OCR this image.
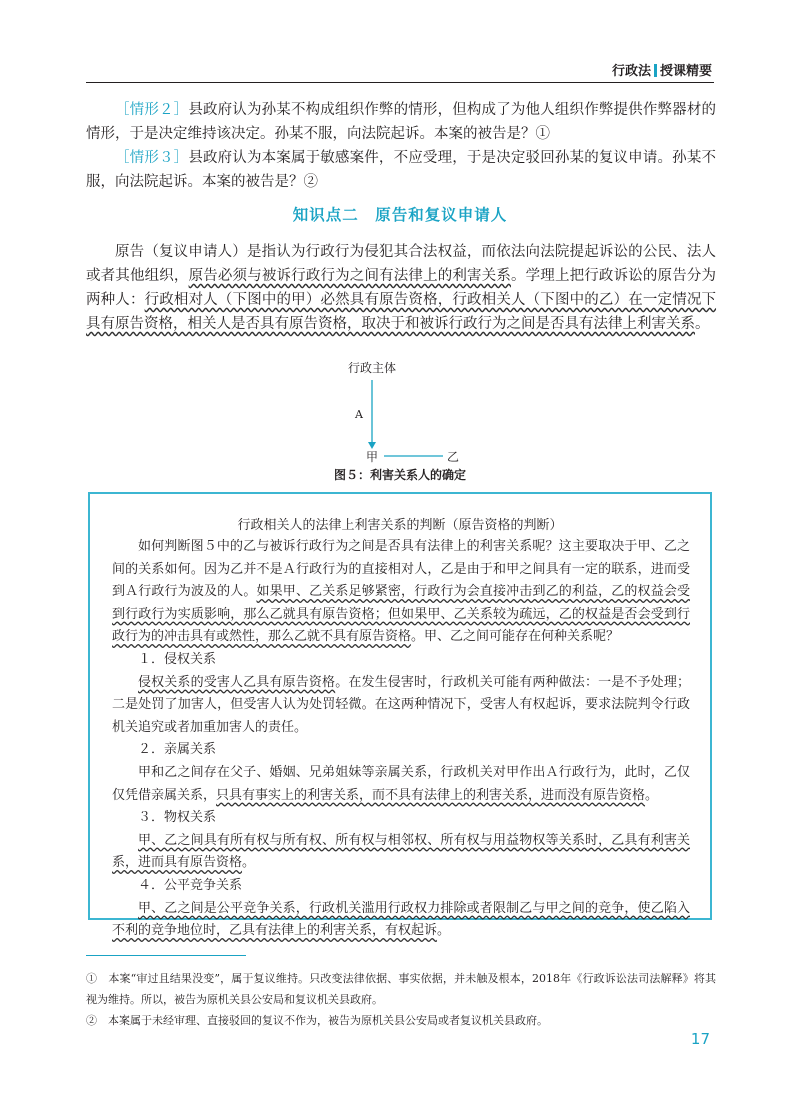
行政法 授课精要

［情形２］县政府认为孙某不构成组织作弊的情形，但构成了为他人组织作弊提供作弊器材的情形，于是决定维持该决定。孙某不服，向法院起诉。本案的被告是？①

［情形３］县政府认为本案属于敏感案件，不应受理，于是决定驳回孙某的复议申请。孙某不服，向法院起诉。本案的被告是？②

知识点二　原告和复议申请人

原告（复议申请人）是指认为行政行为侵犯其合法权益，而依法向法院提起诉讼的公民、法人或者其他组织，原告必须与被诉行政行为之间有法律上的利害关系。学理上把行政诉讼的原告分为两种人：行政相对人（下图中的甲）必然具有原告资格，行政相关人（下图中的乙）在一定情况下具有原告资格，相关人是否具有原告资格，取决于和被诉行政行为之间是否具有法律上利害关系。

行政主体
A
甲	乙
图５：利害关系人的确定
行政相关人的法律上利害关系的判断（原告资格的判断）

如何判断图５中的乙与被诉行政行为之间是否具有法律上的利害关系呢？这主要取决于甲、乙之间的关系如何。因为乙并不是Ａ行政行为的直接相对人，乙是由于和甲之间具有一定的联系，进而受到Ａ行政行为波及的人。如果甲、乙关系足够紧密，行政行为会直接冲击到乙的利益，乙的权益会受到行政行为实质影响，那么乙就具有原告资格；但如果甲、乙关系较为疏远，乙的权益是否会受到行政行为的冲击具有或然性，那么乙就不具有原告资格。甲、乙之间可能存在何种关系呢？

１．侵权关系

侵权关系的受害人乙具有原告资格。在发生侵害时，行政机关可能有两种做法：一是不予处理；二是处罚了加害人，但受害人认为处罚轻微。在这两种情况下，受害人有权起诉，要求法院判令行政机关追究或者加重加害人的责任。

２．亲属关系

甲和乙之间存在父子、婚姻、兄弟姐妹等亲属关系，行政机关对甲作出Ａ行政行为，此时，乙仅仅凭借亲属关系，只具有事实上的利害关系，而不具有法律上的利害关系，进而没有原告资格。

３．物权关系

甲、乙之间具有所有权与所有权、所有权与相邻权、所有权与用益物权等关系时，乙具有利害关系，进而具有原告资格。

４．公平竞争关系

甲、乙之间是公平竞争关系，行政机关滥用行政权力排除或者限制乙与甲之间的竞争，使乙陷入不利的竞争地位时，乙具有法律上的利害关系，有权起诉。

①　 本案“审过且结果没变”，属于复议维持。只改变法律依据、事实依据，并未触及根本，2018年《行政诉讼法司法解释》将其视为维持。所以，被告为原机关县公安局和复议机关县政府。

②　 本案属于未经审理、直接驳回的复议不作为，被告为原机关县公安局或者复议机关县政府。

17
